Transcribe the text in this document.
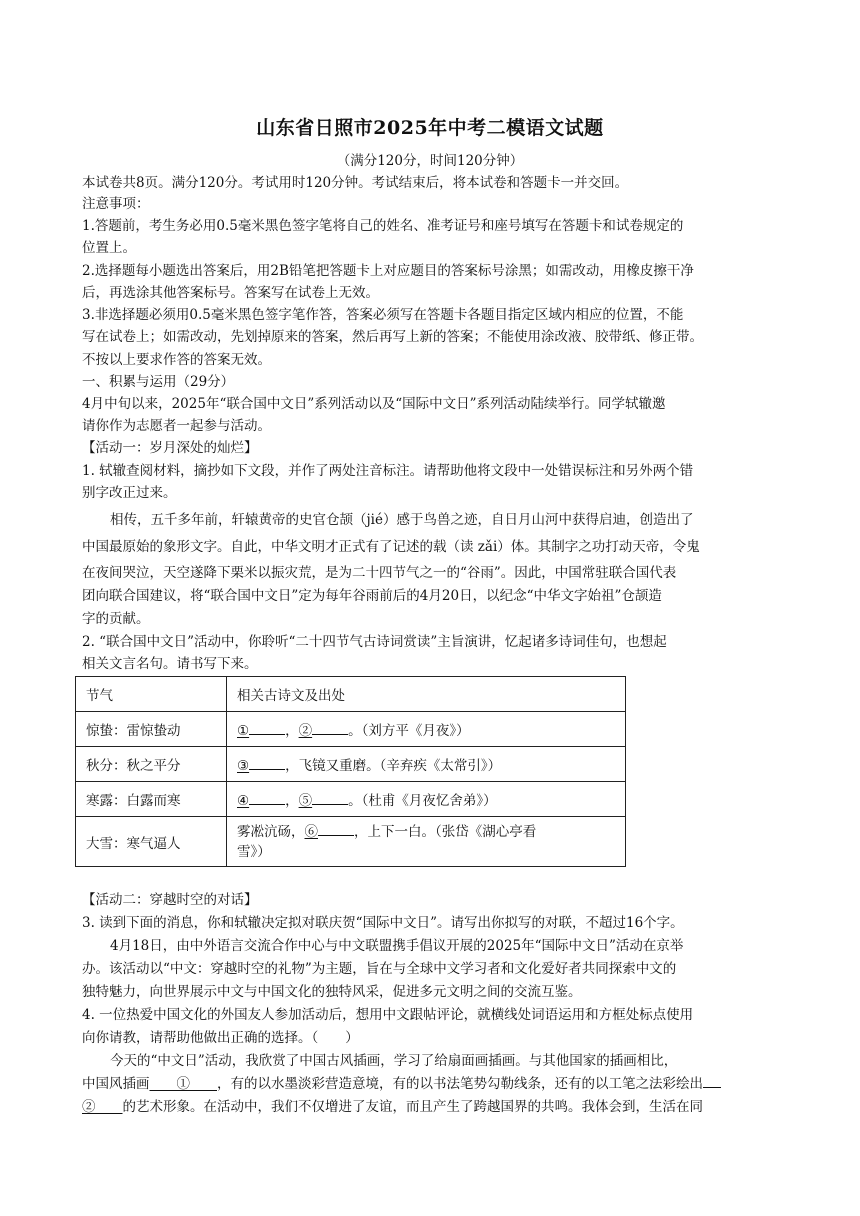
山东省日照市2025年中考二模语文试题
（满分120分，时间120分钟）
本试卷共8页。满分120分。考试用时120分钟。考试结束后，将本试卷和答题卡一并交回。
注意事项：
1.答题前，考生务必用0.5毫米黑色签字笔将自己的姓名、准考证号和座号填写在答题卡和试卷规定的
位置上。
2.选择题每小题选出答案后，用2B铅笔把答题卡上对应题目的答案标号涂黑；如需改动，用橡皮擦干净
后，再选涂其他答案标号。答案写在试卷上无效。
3.非选择题必须用0.5毫米黑色签字笔作答，答案必须写在答题卡各题目指定区域内相应的位置，不能
写在试卷上；如需改动，先划掉原来的答案，然后再写上新的答案；不能使用涂改液、胶带纸、修正带。
不按以上要求作答的答案无效。
一、积累与运用（29分）
4月中旬以来，2025年“联合国中文日”系列活动以及“国际中文日”系列活动陆续举行。同学轼辙邀
请你作为志愿者一起参与活动。
【活动一：岁月深处的灿烂】
1. 轼辙查阅材料，摘抄如下文段，并作了两处注音标注。请帮助他将文段中一处错误标注和另外两个错
别字改正过来。
相传，五千多年前，轩辕黄帝的史官仓颉（jié）感于鸟兽之迹，自日月山河中获得启迪，创造出了
中国最原始的象形文字。自此，中华文明才正式有了记述的载（读 zǎi）体。其制字之功打动天帝，令鬼
在夜间哭泣，天空遂降下栗米以振灾荒，是为二十四节气之一的“谷雨”。因此，中国常驻联合国代表
团向联合国建议，将“联合国中文日”定为每年谷雨前后的4月20日，以纪念“中华文字始祖”仓颉造
字的贡献。
2. “联合国中文日”活动中，你聆听“二十四节气古诗词赏读”主旨演讲，忆起诸多诗词佳句，也想起
相关文言名句。请书写下来。
节气	相关古诗文及出处
惊蛰：雷惊蛰动	① ，② 。（刘方平《月夜》）
秋分：秋之平分	③ ，飞镜又重磨。（辛弃疾《太常引》）
寒露：白露而寒	④ ，⑤ 。（杜甫《月夜忆舍弟》）
大雪：寒气逼人	雾凇沆砀，⑥ ，上下一白。（张岱《湖心亭看
雪》）
【活动二：穿越时空的对话】
3. 读到下面的消息，你和轼辙决定拟对联庆贺“国际中文日”。请写出你拟写的对联，不超过16个字。
4月18日，由中外语言交流合作中心与中文联盟携手倡议开展的2025年“国际中文日”活动在京举
办。该活动以“中文：穿越时空的礼物”为主题，旨在与全球中文学习者和文化爱好者共同探索中文的
独特魅力，向世界展示中文与中国文化的独特风采，促进多元文明之间的交流互鉴。
4. 一位热爱中国文化的外国友人参加活动后，想用中文跟帖评论，就横线处词语运用和方框处标点使用
向你请教，请帮助他做出正确的选择。（　　）
今天的“中文日”活动，我欣赏了中国古风插画，学习了给扇面画插画。与其他国家的插画相比，
中国风插画　　 ①　　 ，有的以水墨淡彩营造意境，有的以书法笔势勾勒线条，还有的以工笔之法彩绘出
②　　 的艺术形象。在活动中，我们不仅增进了友谊，而且产生了跨越国界的共鸣。我体会到，生活在同
